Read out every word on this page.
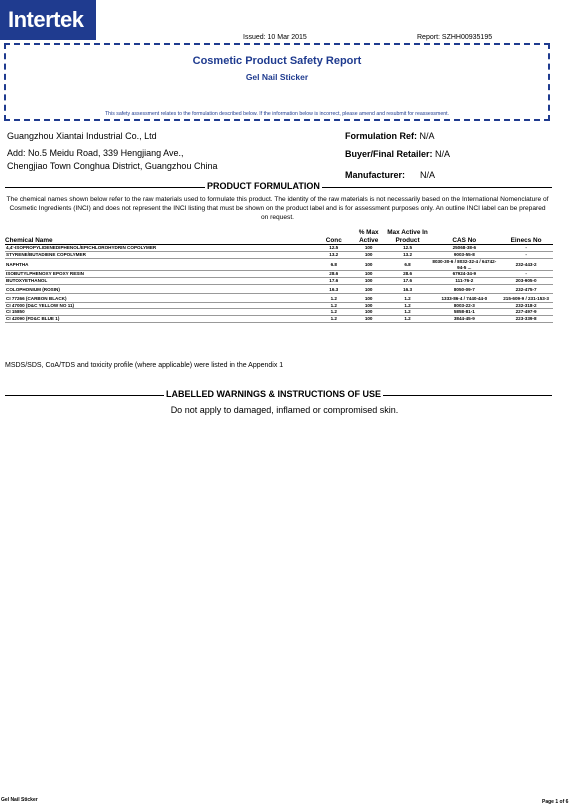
Intertek
Issued: 10 Mar 2015	Report: SZHH00935195
Cosmetic Product Safety Report
Gel Nail Sticker
This safety assessment relates to the formulation described below. If the information below is incorrect, please amend and resubmit for reassessment.
Guangzhou Xiantai Industrial Co., Ltd
Add: No.5 Meidu Road, 339 Hengjiang Ave.,
Chengjiao Town Conghua District, Guangzhou China
Formulation Ref: N/A
Buyer/Final Retailer: N/A
Manufacturer: N/A
PRODUCT FORMULATION
The chemical names shown below refer to the raw materials used to formulate this product. The identity of the raw materials is not necessarily based on the International Nomenclature of Cosmetic Ingredients (INCI) and does not represent the INCI listing that must be shown on the product label and is for assessment purposes only. An outline INCI label can be prepared on request.
Chemical Name	Conc	% Max Active	Max Active In Product	CAS No	Einecs No
4,4'-ISOPROPYLIDENEDIPHENOL/EPICHLOROHYDRIN COPOLYMER	12.5	100	12.5	25068-38-6	-
STYRENE/BUTADIENE COPOLYMER	13.2	100	13.2	9003-55-8	-
NAPHTHA	6.8	100	6.8	8030-30-6 / 8032-32-4 / 64742-94-5 ...	232-443-2
ISOBUTYLPHENOXY EPOXY RESIN	28.6	100	28.6	67924-34-9	-
BUTOXYETHANOL	17.6	100	17.6	111-76-2	203-905-0

COLOPHONIUM (ROSIN)	16.3	100	16.3	8050-09-7	232-475-7

CI 77266 (CARBON BLACK)	1.2	100	1.2	1333-86-4 / 7440-44-0	215-609-9 / 231-153-3
CI 47000 (D&C YELLOW NO 11)	1.2	100	1.2	8003-22-3	232-318-2
CI 15850	1.2	100	1.2	5858-81-1	227-497-9
CI 42090 (FD&C BLUE 1)	1.2	100	1.2	3844-45-9	223-339-8
MSDS/SDS, CoA/TDS and toxicity profile (where applicable) were listed in the Appendix 1
LABELLED WARNINGS & INSTRUCTIONS OF USE
Do not apply to damaged, inflamed or compromised skin.
Gel Nail Sticker	Page 1 of 6
